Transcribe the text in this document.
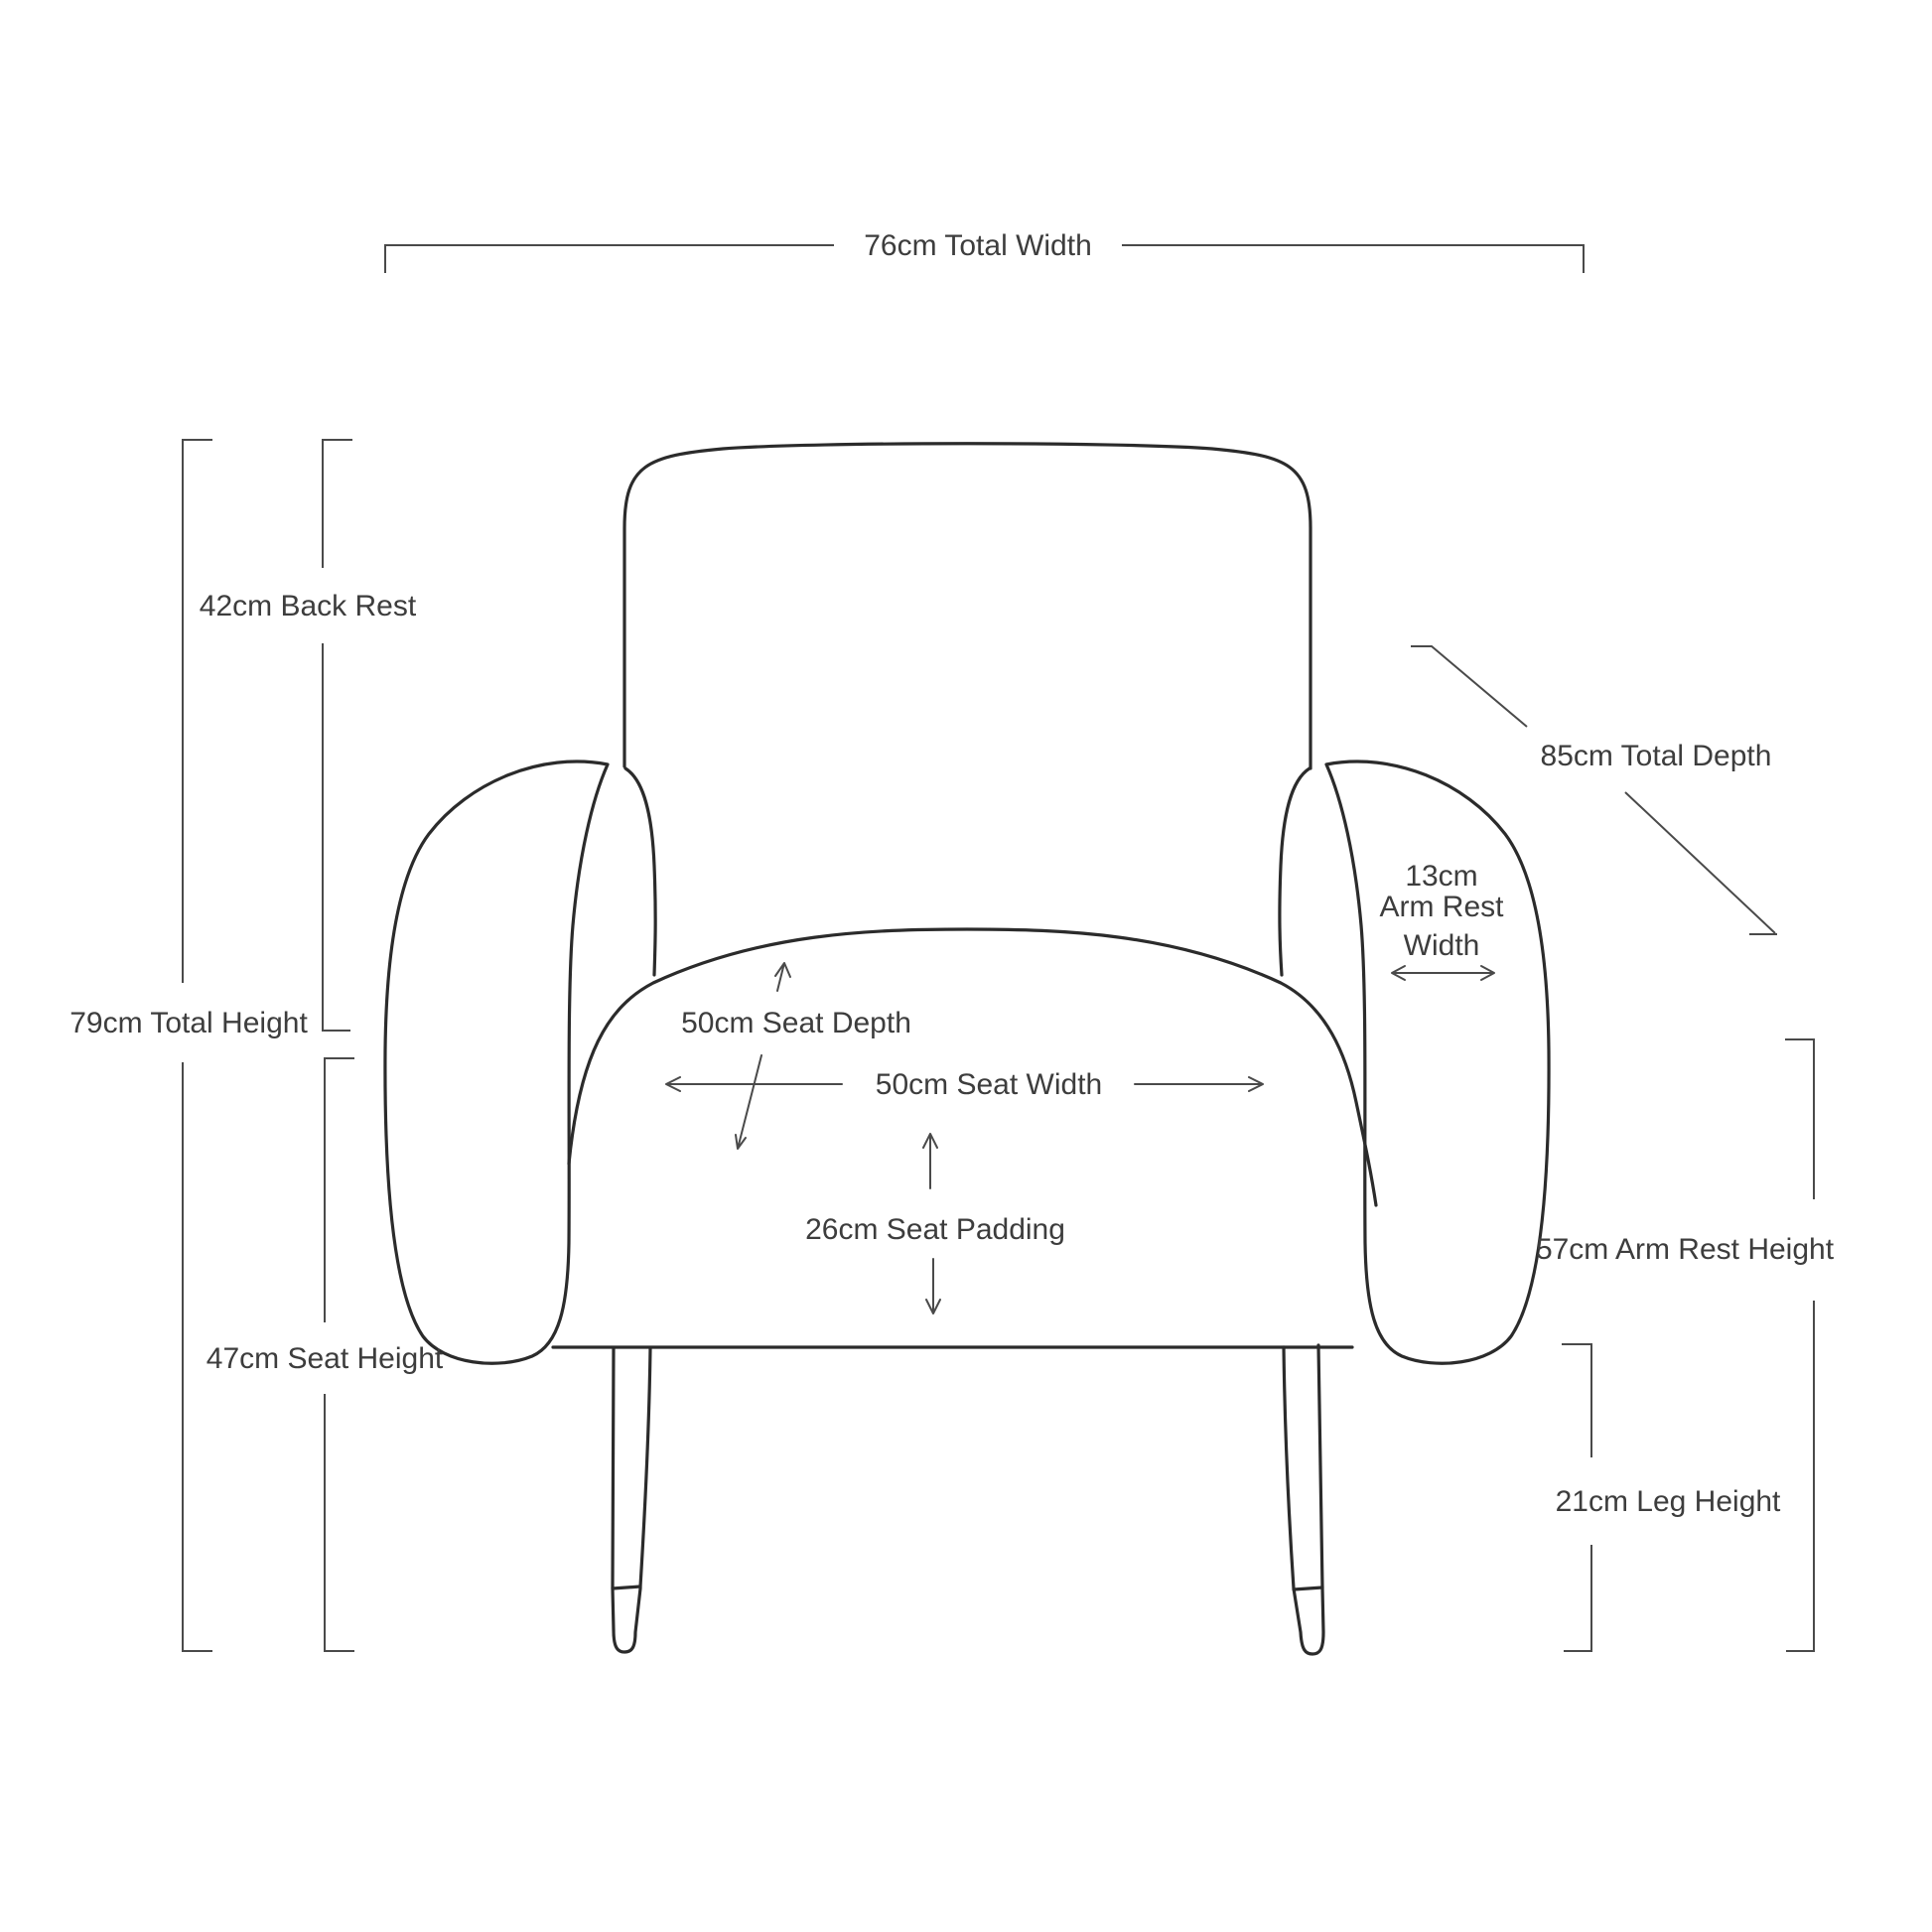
76cm Total Width
79cm Total Height
42cm Back Rest
47cm Seat Height
85cm Total Depth
13cm
Arm Rest
Width
50cm Seat Depth
50cm Seat Width
26cm Seat Padding
57cm Arm Rest Height
21cm Leg Height
